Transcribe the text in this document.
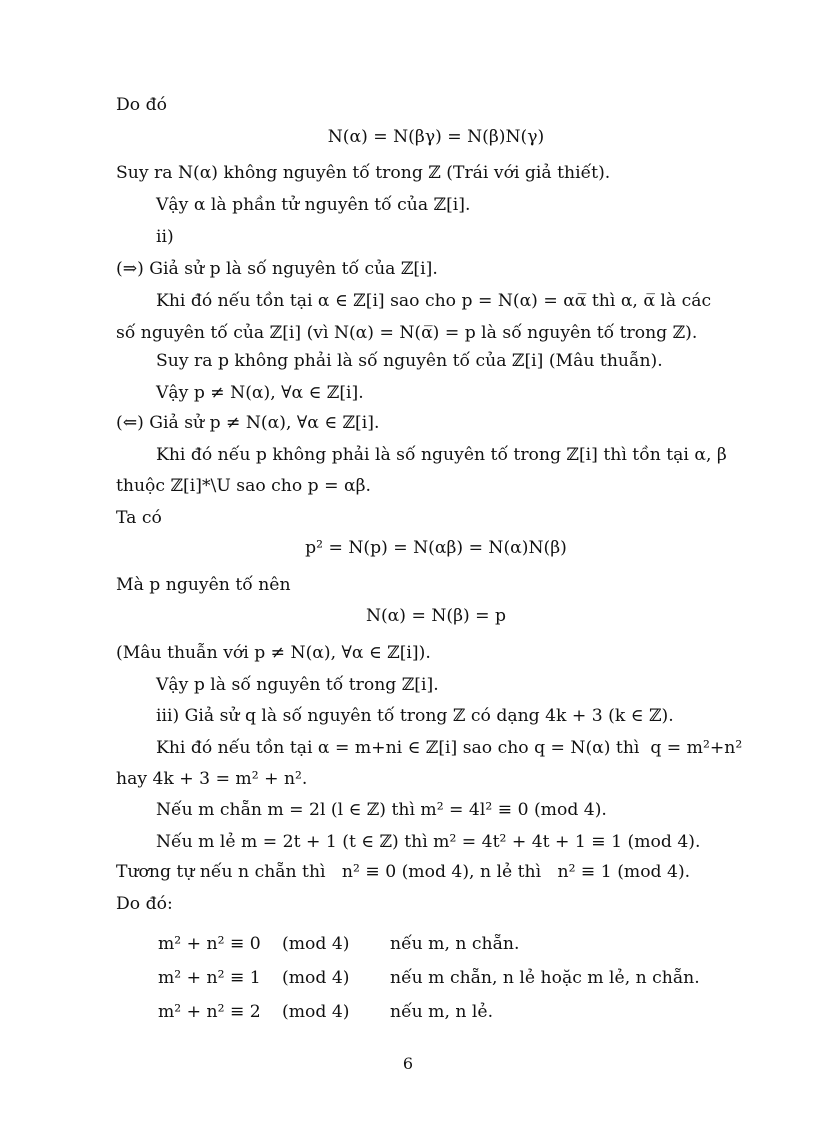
Do đó
N(α) = N(βγ) = N(β)N(γ)
Suy ra N(α) không nguyên tố trong ℤ (Trái với giả thiết).
Vậy α là phần tử nguyên tố của ℤ[i].
ii)
(⇒) Giả sử p là số nguyên tố của ℤ[i].
Khi đó nếu tồn tại α ∈ ℤ[i] sao cho p = N(α) = αα̅ thì α, α̅ là các
số nguyên tố của ℤ[i] (vì N(α) = N(α̅) = p là số nguyên tố trong ℤ).
Suy ra p không phải là số nguyên tố của ℤ[i] (Mâu thuẫn).
Vậy p ≠ N(α), ∀α ∈ ℤ[i].
(⇐) Giả sử p ≠ N(α), ∀α ∈ ℤ[i].
Khi đó nếu p không phải là số nguyên tố trong ℤ[i] thì tồn tại α, β
thuộc ℤ[i]*\U sao cho p = αβ.
Ta có
p² = N(p) = N(αβ) = N(α)N(β)
Mà p nguyên tố nên
N(α) = N(β) = p
(Mâu thuẫn với p ≠ N(α), ∀α ∈ ℤ[i]).
Vậy p là số nguyên tố trong ℤ[i].
iii) Giả sử q là số nguyên tố trong ℤ có dạng 4k + 3 (k ∈ ℤ).
Khi đó nếu tồn tại α = m+ni ∈ ℤ[i] sao cho q = N(α) thì  q = m²+n²
hay 4k + 3 = m² + n².
Nếu m chẵn m = 2l (l ∈ ℤ) thì m² = 4l² ≡ 0 (mod 4).
Nếu m lẻ m = 2t + 1 (t ∈ ℤ) thì m² = 4t² + 4t + 1 ≡ 1 (mod 4).
Tương tự nếu n chẵn thì   n² ≡ 0 (mod 4), n lẻ thì   n² ≡ 1 (mod 4).
Do đó:

m² + n² ≡ 0

(mod 4)

nếu m, n chẵn.

m² + n² ≡ 1

(mod 4)

nếu m chẵn, n lẻ hoặc m lẻ, n chẵn.

m² + n² ≡ 2

(mod 4)

nếu m, n lẻ.

6
